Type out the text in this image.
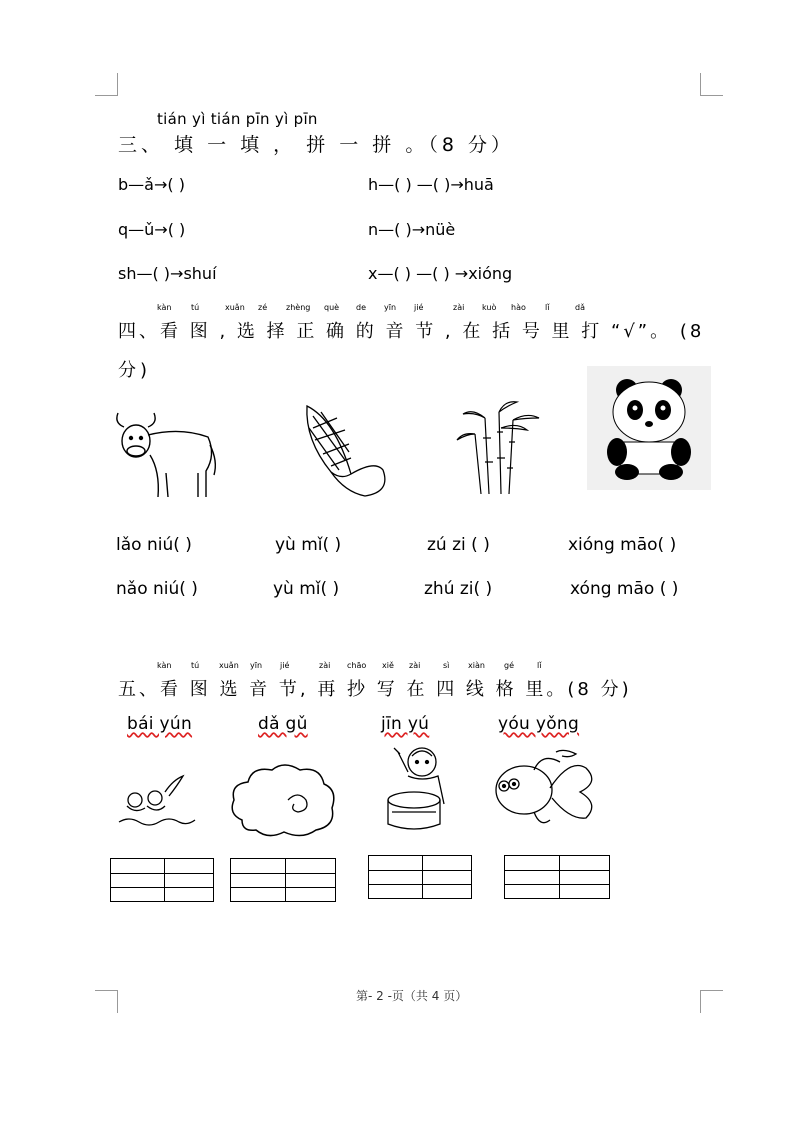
tián yì tián pīn yì pīn
三、 填 一 填 ， 拼 一 拼 。（8 分）
b—ǎ→( )	h—( ) —( )→huā
q—ǔ→( )	n—( )→nüè
sh—( )→shuí	x—( ) —( ) →xióng
kàn tú	xuǎn zé zhèng què de yīn jié	zài kuò hào lǐ	dǎ
四、看 图 , 选 择 正 确 的 音 节 , 在 括 号 里 打 “√”。 (8
分)
lǎo niú( )	yù mǐ( )	zú zi ( )	xióng māo( )
nǎo niú( )	yù mǐ( )	zhú zi( )	xóng māo ( )
kàn tú xuǎn yīn jié	zài chāo xiě zài	sì xiàn gé	lǐ
五、看 图 选 音 节, 再 抄 写 在 四 线 格 里。(8 分)
bái yún	dǎ gǔ	jīn yú	yóu yǒng
第- 2 -页（共 4 页）
